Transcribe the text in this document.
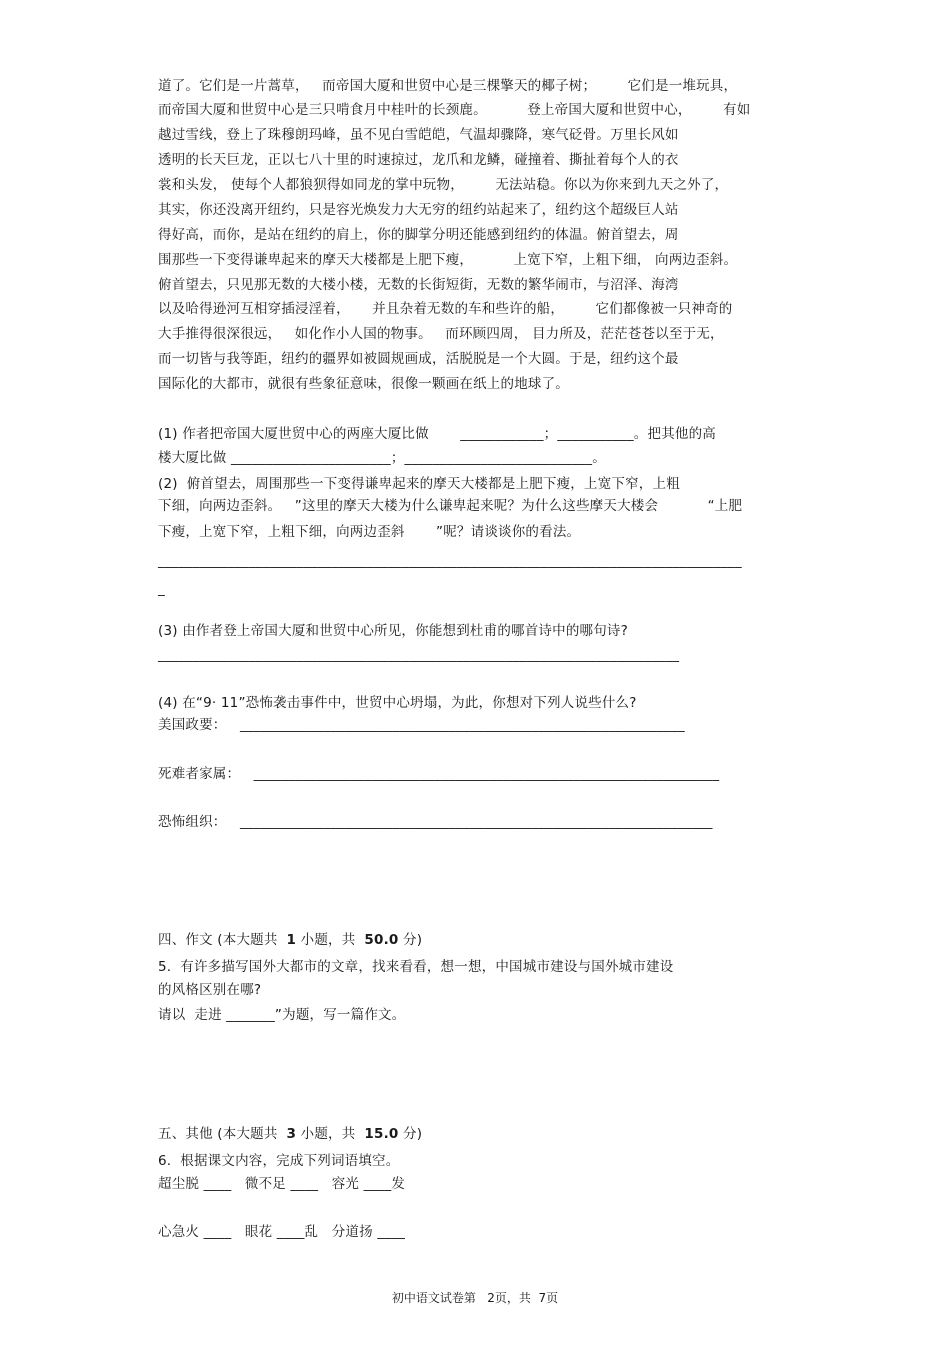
道了。它们是一片蒿草，   而帝国大厦和世贸中心是三棵擎天的椰子树；       它们是一堆玩具，
而帝国大厦和世贸中心是三只啃食月中桂叶的长颈鹿。         登上帝国大厦和世贸中心，       有如
越过雪线，登上了珠穆朗玛峰，虽不见白雪皑皑，气温却骤降，寒气砭骨。万里长风如
透明的长天巨龙，正以七八十里的时速掠过，龙爪和龙鳞，碰撞着、撕扯着每个人的衣
裳和头发， 使每个人都狼狈得如同龙的掌中玩物，       无法站稳。你以为你来到九天之外了，
其实，你还没离开纽约，只是容光焕发力大无穷的纽约站起来了，纽约这个超级巨人站
得好高，而你，是站在纽约的肩上，你的脚掌分明还能感到纽约的体温。俯首望去，周
围那些一下变得谦卑起来的摩天大楼都是上肥下瘦，         上宽下窄，上粗下细， 向两边歪斜。
俯首望去，只见那无数的大楼小楼，无数的长街短街，无数的繁华闹市，与沼泽、海湾
以及哈得逊河互相穿插浸淫着，     并且杂着无数的车和些许的船，       它们都像被一只神奇的
大手推得很深很远，   如化作小人国的物事。   而环顾四周， 目力所及，茫茫苍苍以至于无，
而一切皆与我等距，纽约的疆界如被圆规画成，活脱脱是一个大圆。于是，纽约这个最
国际化的大都市，就很有些象征意味，很像一颗画在纸上的地球了。
(1) 作者把帝国大厦世贸中心的两座大厦比做       ____________；___________。把其他的高
楼大厦比做 _______________________；___________________________。
(2)  俯首望去，周围那些一下变得谦卑起来的摩天大楼都是上肥下瘦，上宽下窄，上粗
下细，向两边歪斜。   ”这里的摩天大楼为什么谦卑起来呢？为什么这些摩天大楼会           “上肥
下瘦，上宽下窄，上粗下细，向两边歪斜       ”呢？请谈谈你的看法。
____________________________________________________________________________________
_
(3) 由作者登上帝国大厦和世贸中心所见，你能想到杜甫的哪首诗中的哪句诗?
___________________________________________________________________________
(4) 在“9· 11”恐怖袭击事件中，世贸中心坍塌，为此，你想对下列人说些什么?
美国政要：   ________________________________________________________________
死难者家属：   ___________________________________________________________________
恐怖组织：   ____________________________________________________________________
四、作文 (本大题共  1 小题，共  50.0 分)
5.  有许多描写国外大都市的文章，找来看看，想一想，中国城市建设与国外城市建设
的风格区别在哪?
请以  走进 _______”为题，写一篇作文。
五、其他 (本大题共  3 小题，共  15.0 分)
6.  根据课文内容，完成下列词语填空。
超尘脱 ____   微不足 ____   容光 ____发
心急火 ____   眼花 ____乱   分道扬 ____
初中语文试卷第   2页，共  7页
